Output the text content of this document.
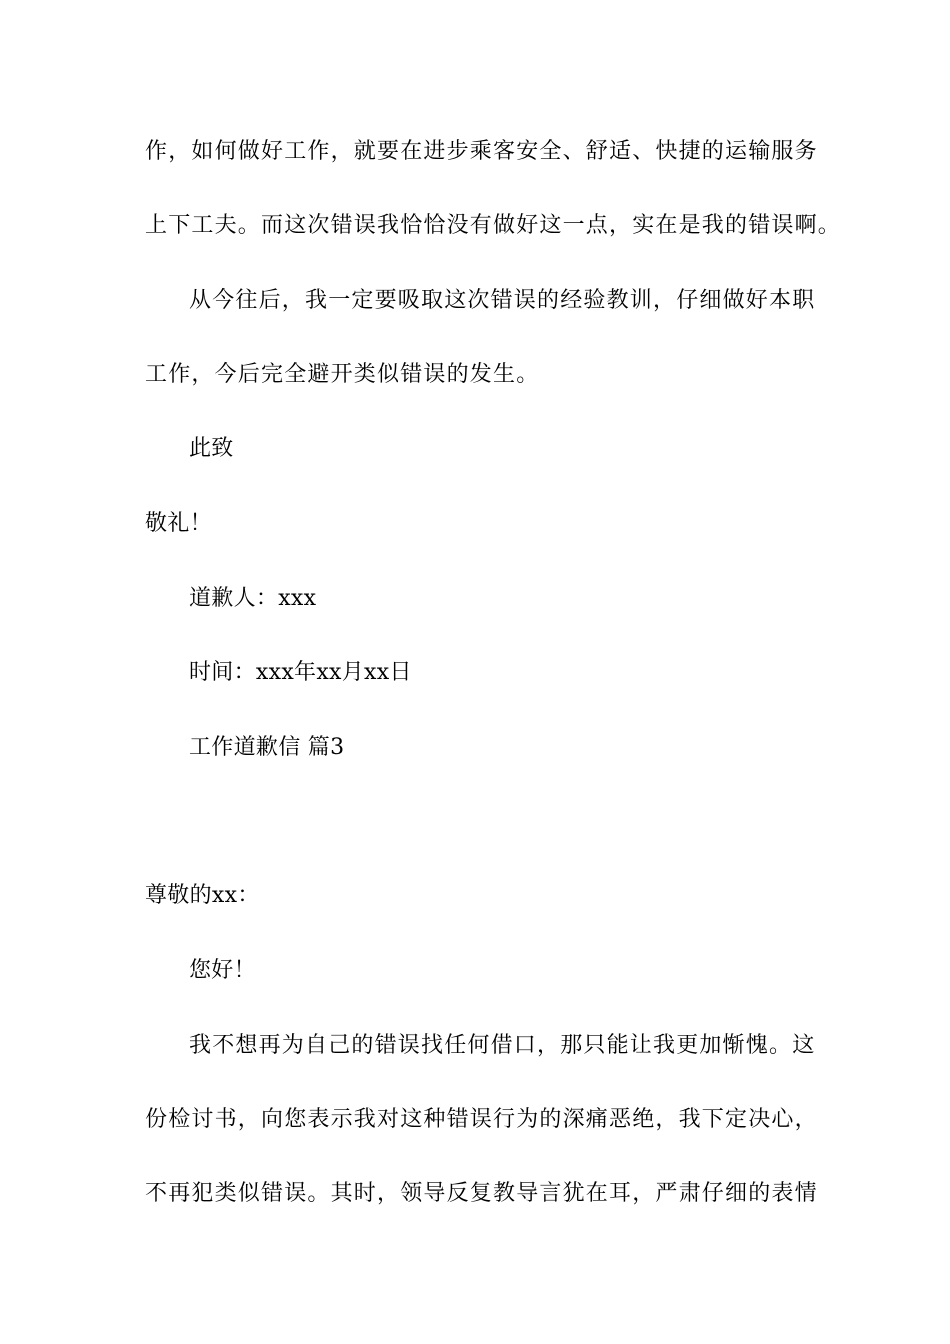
作，如何做好工作，就要在进步乘客安全、舒适、快捷的运输服务
上下工夫。而这次错误我恰恰没有做好这一点，实在是我的错误啊。
从今往后，我一定要吸取这次错误的经验教训，仔细做好本职
工作，今后完全避开类似错误的发生。
此致
敬礼！
道歉人：xxx
时间：xxx年xx月xx日
工作道歉信 篇3
尊敬的xx：
您好！
我不想再为自己的错误找任何借口，那只能让我更加惭愧。这
份检讨书，向您表示我对这种错误行为的深痛恶绝，我下定决心，
不再犯类似错误。其时，领导反复教导言犹在耳，严肃仔细的表情
